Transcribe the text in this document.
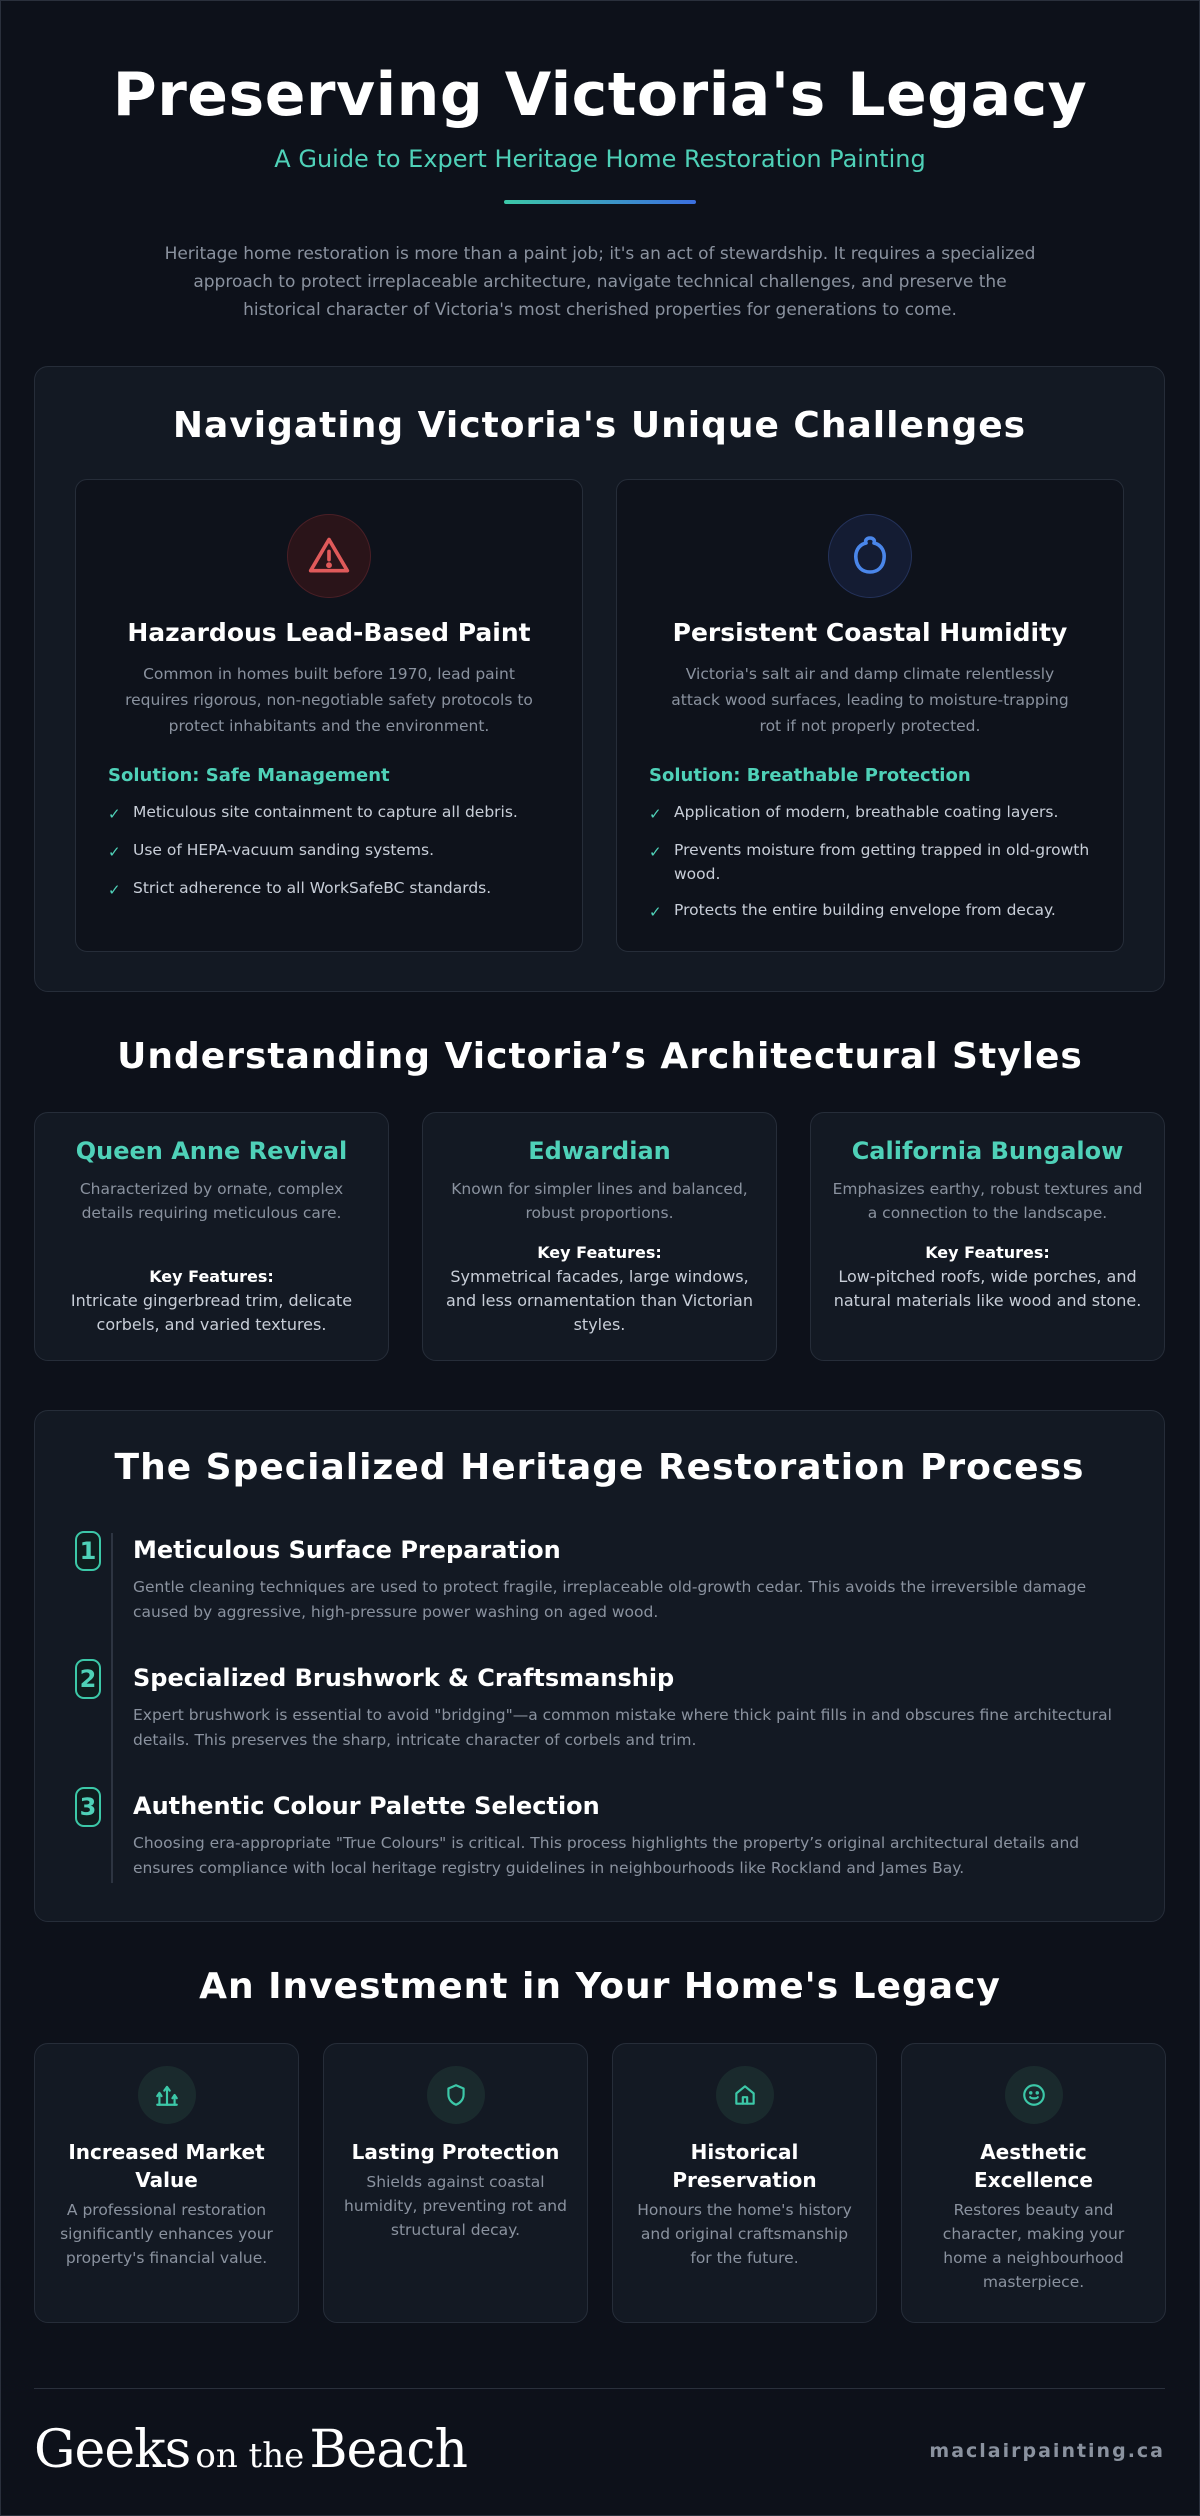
Preserving Victoria's Legacy
A Guide to Expert Heritage Home Restoration Painting

Heritage home restoration is more than a paint job; it's an act of stewardship. It requires a specialized approach to protect irreplaceable architecture, navigate technical challenges, and preserve the historical character of Victoria's most cherished properties for generations to come.

Navigating Victoria's Unique Challenges
Hazardous Lead-Based Paint

Common in homes built before 1970, lead paint requires rigorous, non-negotiable safety protocols to protect inhabitants and the environment.

Solution: Safe Management
✓ Meticulous site containment to capture all debris.
✓ Use of HEPA-vacuum sanding systems.
✓ Strict adherence to all WorkSafeBC standards.
Persistent Coastal Humidity

Victoria's salt air and damp climate relentlessly attack wood surfaces, leading to moisture-trapping rot if not properly protected.

Solution: Breathable Protection
✓ Application of modern, breathable coating layers.
✓ Prevents moisture from getting trapped in old-growth wood.
✓ Protects the entire building envelope from decay.
Understanding Victoria’s Architectural Styles
Queen Anne Revival

Characterized by ornate, complex details requiring meticulous care.

Key Features:
Intricate gingerbread trim, delicate corbels, and varied textures.
Edwardian

Known for simpler lines and balanced, robust proportions.

Key Features:
Symmetrical facades, large windows, and less ornamentation than Victorian styles.
California Bungalow

Emphasizes earthy, robust textures and a connection to the landscape.

Key Features:
Low-pitched roofs, wide porches, and natural materials like wood and stone.
The Specialized Heritage Restoration Process
1 Meticulous Surface Preparation

Gentle cleaning techniques are used to protect fragile, irreplaceable old-growth cedar. This avoids the irreversible damage caused by aggressive, high-pressure power washing on aged wood.

2 Specialized Brushwork & Craftsmanship

Expert brushwork is essential to avoid "bridging"—a common mistake where thick paint fills in and obscures fine architectural details. This preserves the sharp, intricate character of corbels and trim.

3 Authentic Colour Palette Selection

Choosing era-appropriate "True Colours" is critical. This process highlights the property’s original architectural details and ensures compliance with local heritage registry guidelines in neighbourhoods like Rockland and James Bay.

An Investment in Your Home's Legacy
Increased Market Value

A professional restoration significantly enhances your property's financial value.

Lasting Protection

Shields against coastal humidity, preventing rot and structural decay.

Historical Preservation

Honours the home's history and original craftsmanship for the future.

Aesthetic Excellence

Restores beauty and character, making your home a neighbourhood masterpiece.

Geeks on the Beach	maclairpainting.ca
